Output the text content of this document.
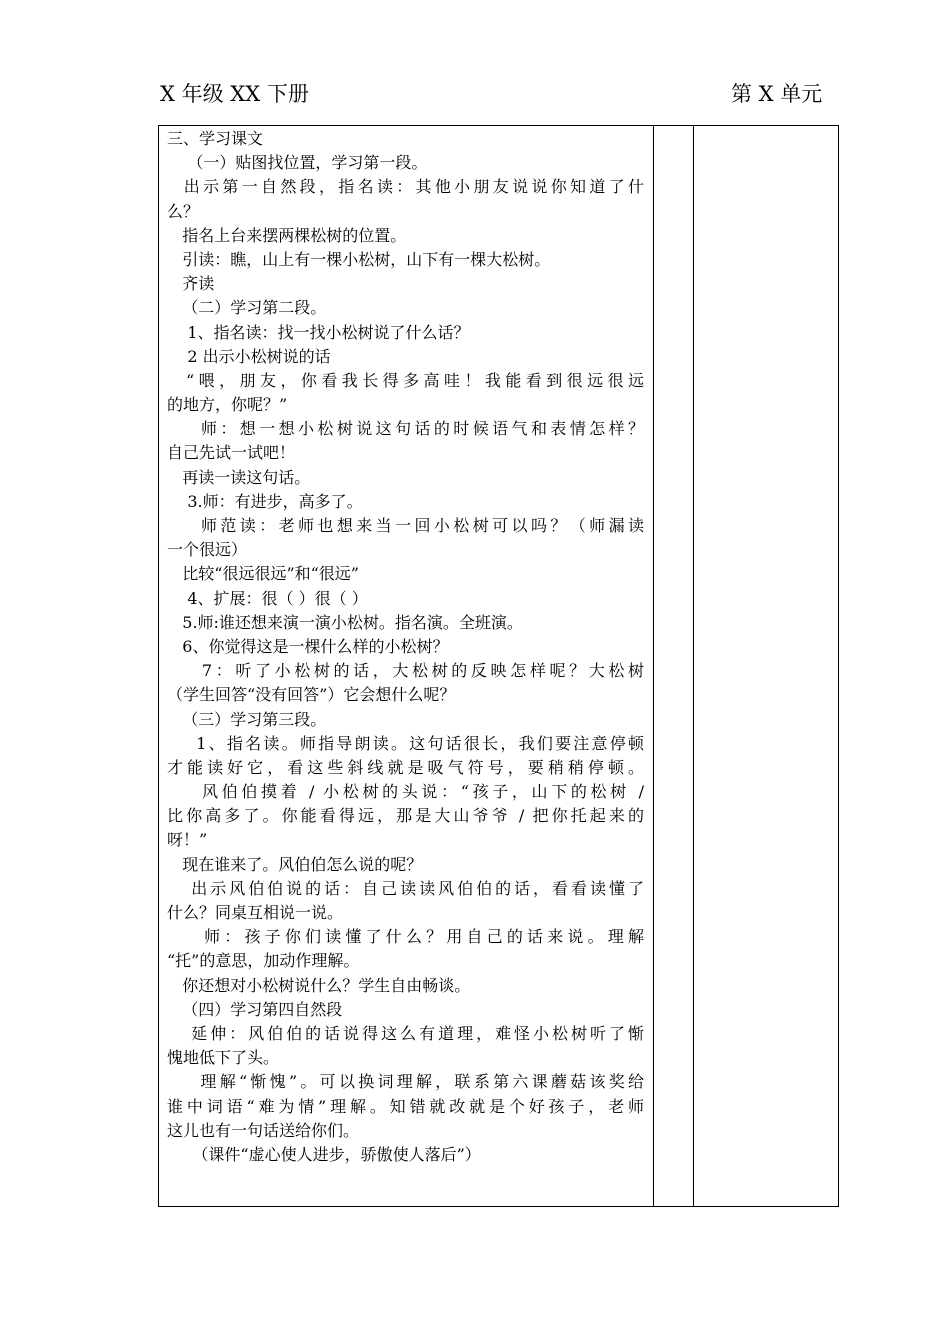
X 年级 XX 下册	第 X 单元
三、学习课文
（一）贴图找位置，学习第一段。
出示第一自然段，指名读：其他小朋友说说你知道了什
么？
指名上台来摆两棵松树的位置。
引读：瞧，山上有一棵小松树，山下有一棵大松树。
齐读
（二）学习第二段。
1、指名读：找一找小松树说了什么话？
2 出示小松树说的话
“喂，朋友，你看我长得多高哇！我能看到很远很远
的地方，你呢？”
师：想一想小松树说这句话的时候语气和表情怎样？
自己先试一试吧！
再读一读这句话。
3.师：有进步，高多了。
师范读：老师也想来当一回小松树可以吗？（师漏读
一个很远）
比较“很远很远”和“很远”
4、扩展：很（ ）很（ ）
5.师:谁还想来演一演小松树。指名演。全班演。
6、你觉得这是一棵什么样的小松树？
7：听了小松树的话，大松树的反映怎样呢？大松树
（学生回答“没有回答”）它会想什么呢？
（三）学习第三段。
1、指名读。师指导朗读。这句话很长，我们要注意停顿
才能读好它，看这些斜线就是吸气符号，要稍稍停顿。
风伯伯摸着 / 小松树的头说：“孩子，山下的松树 /
比你高多了。你能看得远，那是大山爷爷 / 把你托起来的
呀！”
现在谁来了。风伯伯怎么说的呢？
出示风伯伯说的话：自己读读风伯伯的话，看看读懂了
什么？同桌互相说一说。
师：孩子你们读懂了什么？用自己的话来说。理解
“托”的意思，加动作理解。
你还想对小松树说什么？学生自由畅谈。
（四）学习第四自然段
延伸：风伯伯的话说得这么有道理，难怪小松树听了惭
愧地低下了头。
理解“惭愧”。可以换词理解，联系第六课蘑菇该奖给
谁中词语“难为情”理解。知错就改就是个好孩子，老师
这儿也有一句话送给你们。
（课件“虚心使人进步，骄傲使人落后”）
